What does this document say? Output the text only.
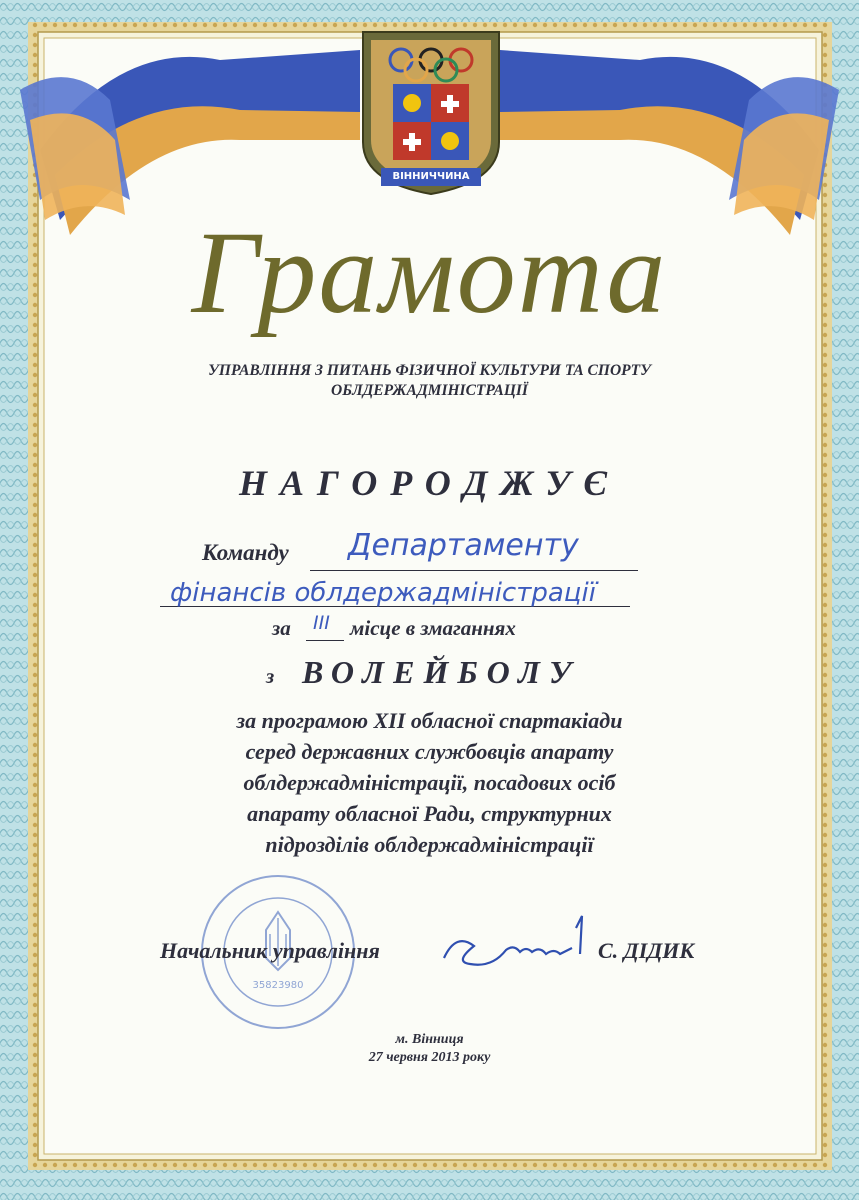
ВІННИЧЧИНА
Грамота
УПРАВЛІННЯ З ПИТАНЬ ФІЗИЧНОЇ КУЛЬТУРИ ТА СПОРТУ
ОБЛДЕРЖАДМІНІСТРАЦІЇ
НАГОРОДЖУЄ
Команду Департаменту
фінансів облдержадміністрації
за III місце в змаганнях
з ВОЛЕЙБОЛУ
за програмою ХІІ обласної спартакіади
серед державних службовців апарату
облдержадміністрації, посадових осіб
апарату обласної Ради, структурних
підрозділів облдержадміністрації
35823980
Начальник управління	С. ДІДИК
м. Вінниця
27 червня 2013 року
